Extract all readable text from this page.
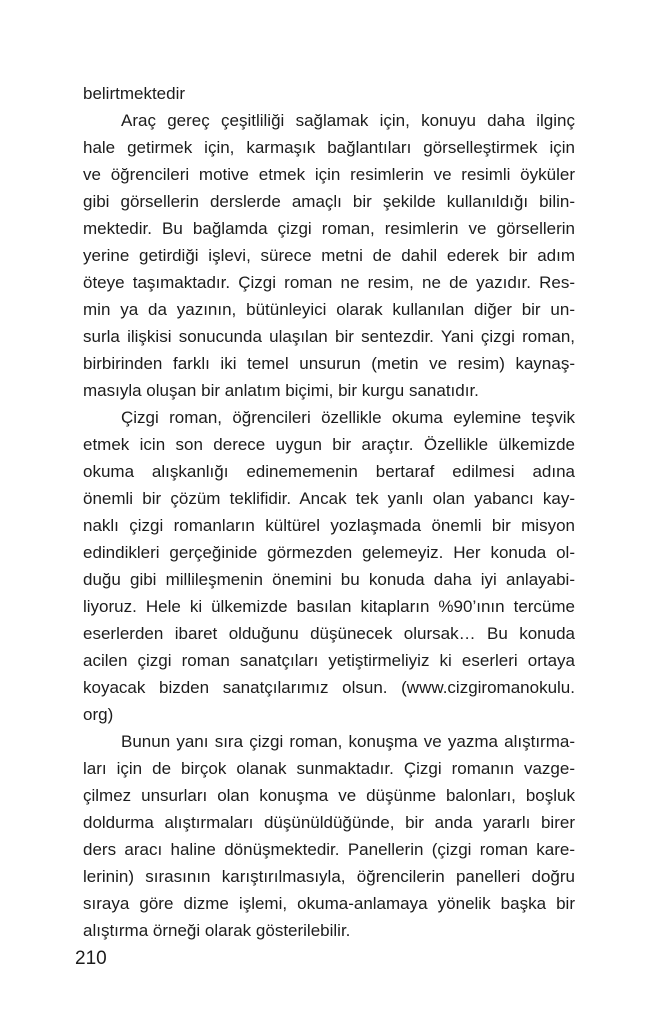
belirtmektedir
Araç gereç çeşitliliği sağlamak için, konuyu daha ilginç
hale getirmek için, karmaşık bağlantıları görselleştirmek için
ve öğrencileri motive etmek için resimlerin ve resimli öyküler
gibi görsellerin derslerde amaçlı bir şekilde kullanıldığı bilin-
mektedir. Bu bağlamda çizgi roman, resimlerin ve görsellerin
yerine getirdiği işlevi, sürece metni de dahil ederek bir adım
öteye taşımaktadır. Çizgi roman ne resim, ne de yazıdır. Res-
min ya da yazının, bütünleyici olarak kullanılan diğer bir un-
surla ilişkisi sonucunda ulaşılan bir sentezdir. Yani çizgi roman,
birbirinden farklı iki temel unsurun (metin ve resim) kaynaş-
masıyla oluşan bir anlatım biçimi, bir kurgu sanatıdır.
Çizgi roman, öğrencileri özellikle okuma eylemine teşvik
etmek icin son derece uygun bir araçtır. Özellikle ülkemizde
okuma alışkanlığı edinememenin bertaraf edilmesi adına
önemli bir çözüm teklifidir. Ancak tek yanlı olan yabancı kay-
naklı çizgi romanların kültürel yozlaşmada önemli bir misyon
edindikleri gerçeğinide görmezden gelemeyiz. Her konuda ol-
duğu gibi millileşmenin önemini bu konuda daha iyi anlayabi-
liyoruz. Hele ki ülkemizde basılan kitapların %90’ının tercüme
eserlerden ibaret olduğunu düşünecek olursak… Bu konuda
acilen çizgi roman sanatçıları yetiştirmeliyiz ki eserleri ortaya
koyacak bizden sanatçılarımız olsun. (www.cizgiromanokulu.
org)
Bunun yanı sıra çizgi roman, konuşma ve yazma alıştırma-
ları için de birçok olanak sunmaktadır. Çizgi romanın vazge-
çilmez unsurları olan konuşma ve düşünme balonları, boşluk
doldurma alıştırmaları düşünüldüğünde, bir anda yararlı birer
ders aracı haline dönüşmektedir. Panellerin (çizgi roman kare-
lerinin) sırasının karıştırılmasıyla, öğrencilerin panelleri doğru
sıraya göre dizme işlemi, okuma-anlamaya yönelik başka bir
alıştırma örneği olarak gösterilebilir.
210
